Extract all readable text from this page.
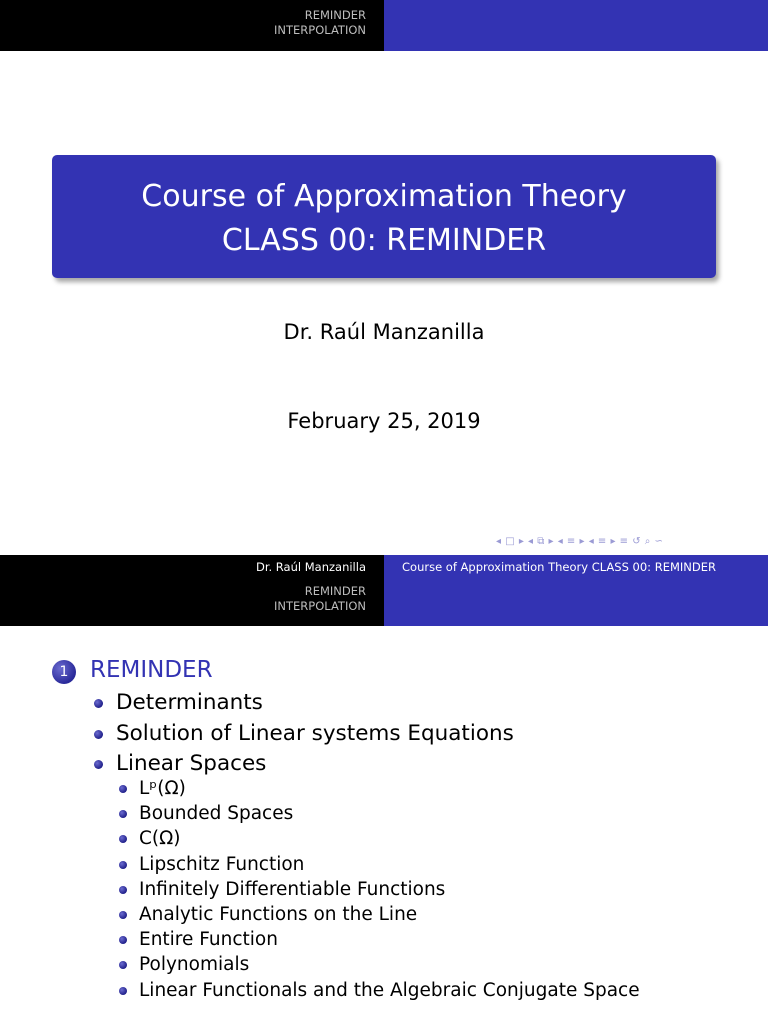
REMINDER
INTERPOLATION
Course of Approximation Theory
CLASS 00: REMINDER
Dr. Raúl Manzanilla
February 25, 2019
◂ □ ▸ ◂ ⧉ ▸ ◂ ≡ ▸ ◂ ≡ ▸ ≡ ↺ ⌕ ∽
Dr. Raúl Manzanilla
REMINDER
INTERPOLATION
Course of Approximation Theory CLASS 00: REMINDER
1 REMINDER
Determinants
Solution of Linear systems Equations
Linear Spaces
Lᵖ(Ω)
Bounded Spaces
C(Ω)
Lipschitz Function
Infinitely Differentiable Functions
Analytic Functions on the Line
Entire Function
Polynomials
Linear Functionals and the Algebraic Conjugate Space
